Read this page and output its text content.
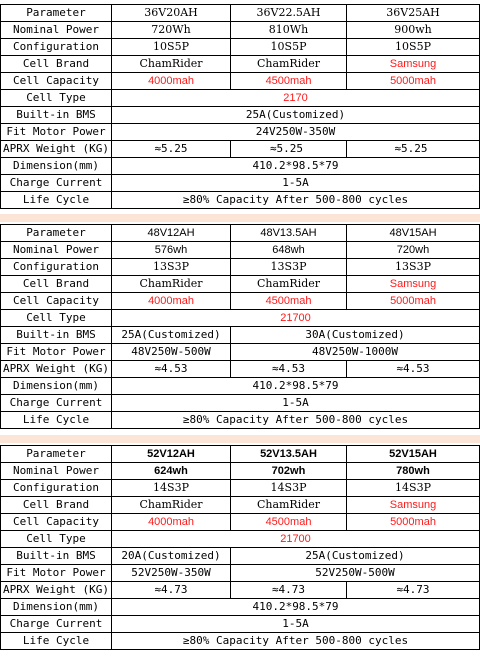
Parameter	36V20AH	36V22.5AH	36V25AH
Nominal Power	720Wh	810Wh	900wh
Configuration	10S5P	10S5P	10S5P
Cell Brand	ChamRider	ChamRider	Samsung
Cell Capacity	4000mah	4500mah	5000mah
Cell Type	2170		
Built-in BMS	25A(Customized)		
Fit Motor Power	24V250W-350W		
APRX Weight (KG)	≈5.25	≈5.25	≈5.25
Dimension(mm)	410.2*98.5*79		
Charge Current	1-5A		
Life Cycle	≥80% Capacity After 500-800 cycles		
Parameter	48V12AH	48V13.5AH	48V15AH
Nominal Power	576wh	648wh	720wh
Configuration	13S3P	13S3P	13S3P
Cell Brand	ChamRider	ChamRider	Samsung
Cell Capacity	4000mah	4500mah	5000mah
Cell Type	21700		
Built-in BMS	25A(Customized)	30A(Customized)	
Fit Motor Power	48V250W-500W	48V250W-1000W	
APRX Weight (KG)	≈4.53	≈4.53	≈4.53
Dimension(mm)	410.2*98.5*79		
Charge Current	1-5A		
Life Cycle	≥80% Capacity After 500-800 cycles		
Parameter	52V12AH	52V13.5AH	52V15AH
Nominal Power	624wh	702wh	780wh
Configuration	14S3P	14S3P	14S3P
Cell Brand	ChamRider	ChamRider	Samsung
Cell Capacity	4000mah	4500mah	5000mah
Cell Type	21700		
Built-in BMS	20A(Customized)	25A(Customized)	
Fit Motor Power	52V250W-350W	52V250W-500W	
APRX Weight (KG)	≈4.73	≈4.73	≈4.73
Dimension(mm)	410.2*98.5*79		
Charge Current	1-5A		
Life Cycle	≥80% Capacity After 500-800 cycles		
